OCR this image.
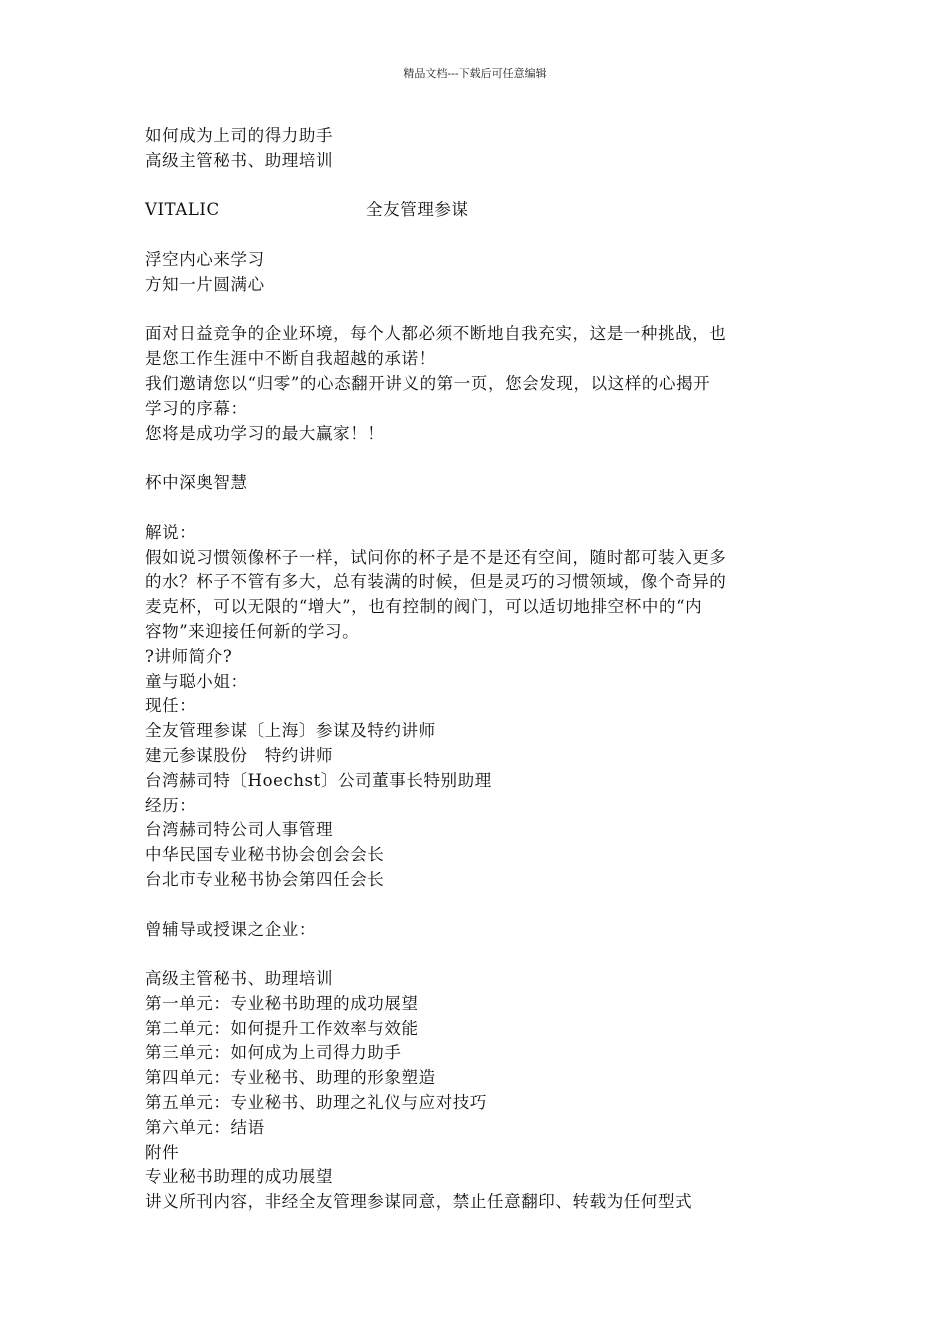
精品文档---下载后可任意编辑
如何成为上司的得力助手
高级主管秘书、助理培训
VITALIC	全友管理参谋
浮空内心来学习
方知一片圆满心
面对日益竞争的企业环境，每个人都必须不断地自我充实，这是一种挑战，也
是您工作生涯中不断自我超越的承诺！
我们邀请您以“归零”的心态翻开讲义的第一页，您会发现，以这样的心揭开
学习的序幕：
您将是成功学习的最大赢家！！
杯中深奥智慧
解说：
假如说习惯领像杯子一样，试问你的杯子是不是还有空间，随时都可装入更多
的水？杯子不管有多大，总有装满的时候，但是灵巧的习惯领域，像个奇异的
麦克杯，可以无限的“增大”，也有控制的阀门，可以适切地排空杯中的“内
容物”来迎接任何新的学习。
?讲师简介?
童与聪小姐：
现任：
全友管理参谋〔上海〕参谋及特约讲师
建元参谋股份　特约讲师
台湾赫司特〔Hoechst〕公司董事长特别助理
经历：
台湾赫司特公司人事管理
中华民国专业秘书协会创会会长
台北市专业秘书协会第四任会长
曾辅导或授课之企业：
高级主管秘书、助理培训
第一单元：专业秘书助理的成功展望
第二单元：如何提升工作效率与效能
第三单元：如何成为上司得力助手
第四单元：专业秘书、助理的形象塑造
第五单元：专业秘书、助理之礼仪与应对技巧
第六单元：结语
附件
专业秘书助理的成功展望
讲义所刊内容，非经全友管理参谋同意，禁止任意翻印、转载为任何型式
